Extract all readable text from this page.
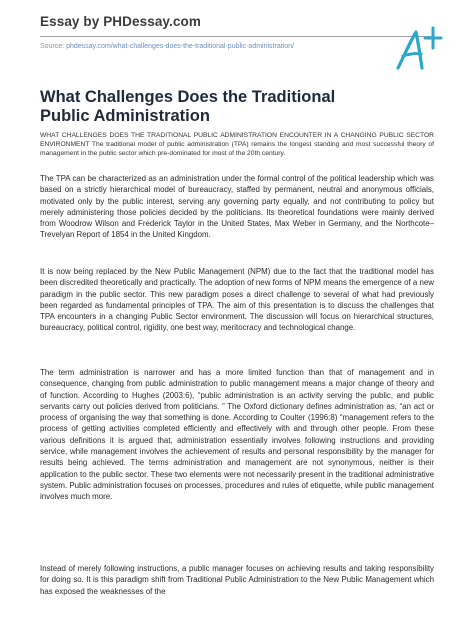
Essay by PHDessay.com
Source: phdessay.com/what-challenges-does-the-traditional-public-administration/
What Challenges Does the Traditional Public Administration

WHAT CHALLENGES DOES THE TRADITIONAL PUBLIC ADMINISTRATION ENCOUNTER IN A CHANGING PUBLIC SECTOR ENVIRONMENT The traditional model of public administration (TPA) remains the longest standing and most successful theory of management in the public sector which pre-dominated for most of the 20th century.

The TPA can be characterized as an administration under the formal control of the political leadership which was based on a strictly hierarchical model of bureaucracy, staffed by permanent, neutral and anonymous officials, motivated only by the public interest, serving any governing party equally, and not contributing to policy but merely administering those policies decided by the politicians. Its theoretical foundations were mainly derived from Woodrow Wilson and Frederick Taylor in the United States, Max Weber in Germany, and the Northcote–Trevelyan Report of 1854 in the United Kingdom.

It is now being replaced by the New Public Management (NPM) due to the fact that the traditional model has been discredited theoretically and practically. The adoption of new forms of NPM means the emergence of a new paradigm in the public sector. This new paradigm poses a direct challenge to several of what had previously been regarded as fundamental principles of TPA. The aim of this presentation is to discuss the challenges that TPA encounters in a changing Public Sector environment. The discussion will focus on hierarchical structures, bureaucracy, political control, rigidity, one best way, meritocracy and technological change.

The term administration is narrower and has a more limited function than that of management and in consequence, changing from public administration to public management means a major change of theory and of function. According to Hughes (2003:6), “public administration is an activity serving the public, and public servants carry out policies derived from politicians. ” The Oxford dictionary defines administration as, “an act or process of organising the way that something is done. According to Coulter (1996:8) “management refers to the process of getting activities completed efficiently and effectively with and through other people. From these various definitions it is argued that, administration essentially involves following instructions and providing service, while management involves the achievement of results and personal responsibility by the manager for results being achieved. The terms administration and management are not synonymous, neither is their application to the public sector. These two elements were not necessarily present in the traditional administrative system. Public administration focuses on processes, procedures and rules of etiquette, while public management involves much more.

Instead of merely following instructions, a public manager focuses on achieving results and taking responsibility for doing so. It is this paradigm shift from Traditional Public Administration to the New Public Management which has exposed the weaknesses of the
